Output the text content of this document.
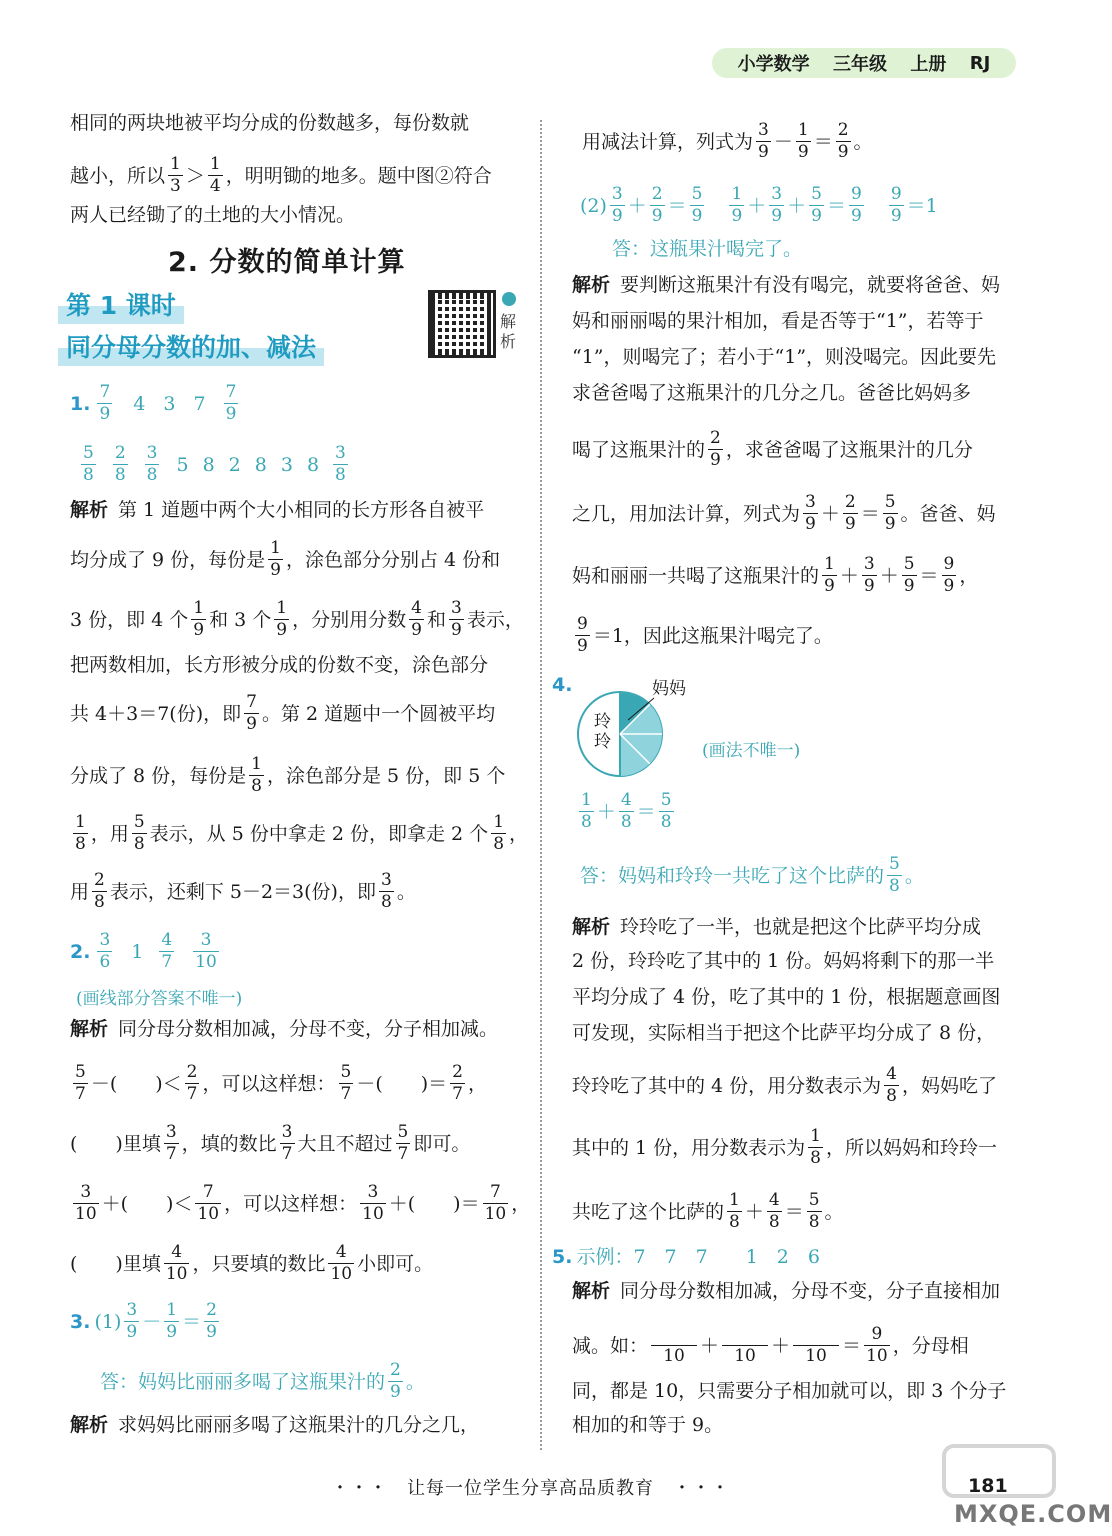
小学数学 三年级 上册 RJ
相同的两块地被平均分成的份数越多，每份数就
越小，所以 $\frac{1}{3} > \frac{1}{4}$ ，明明锄的地多。题中图②符合
两人已经锄了的土地的大小情况。
1. $\frac{7}{9} 4$ 3 $7 \frac{7}{9}$
$\frac{5}{8} \frac{2}{8} \frac{3}{8} 5$ 8 2 8 3 $8 \frac{3}{8}$
解析 第 1 道题中两个大小相同的长方形各自被平
均分成了 9 份，每份是 $\frac{1}{9}$ ，涂色部分分别占 4 份和
3 份，即 4 个 $\frac{1}{9}$ 和 3 个 $\frac{1}{9}$ ，分别用分数 $\frac{4}{9}$ 和 $\frac{3}{9}$ 表示，
把两数相加，长方形被分成的份数不变，涂色部分
共 4＋3＝7(份)，即 $\frac{7}{9}$ 。第 2 道题中一个圆被平均
分成了 8 份，每份是 $\frac{1}{8}$ ，涂色部分是 5 份，即 5 个
$\frac{1}{8}$ ，用 $\frac{5}{8}$ 表示，从 5 份中拿走 2 份，即拿走 2 个 $\frac{1}{8}$ ，
用 $\frac{2}{8}$ 表示，还剩下 5－2＝3(份)，即 $\frac{3}{8}$ 。
2. $\frac{3}{6} 1 \frac{4}{7} \frac{3}{10}$
(画线部分答案不唯一)
解析 同分母分数相加减，分母不变，分子相加减。
$\frac{5}{7}$ －(　　)＜ $\frac{2}{7}$ ，可以这样想： $\frac{5}{7}$ －(　　)＝ $\frac{2}{7}$ ，
(　　)里填 $\frac{3}{7}$ ，填的数比 $\frac{3}{7}$ 大且不超过 $\frac{5}{7}$ 即可。
$\frac{3}{10}$ ＋(　　)＜ $\frac{7}{10}$ ，可以这样想： $\frac{3}{10}$ ＋(　　)＝ $\frac{7}{10}$ ，
(　　)里填 $\frac{4}{10}$ ，只要填的数比 $\frac{4}{10}$ 小即可。
3. $(1) \frac{3}{9} - \frac{1}{9} = \frac{2}{9}$
答：妈妈比丽丽多喝了这瓶果汁的 $\frac{2}{9}$ 。
解析 求妈妈比丽丽多喝了这瓶果汁的几分之几，
2. 分数的简单计算
第 1 课时
同分母分数的加、减法
解析
用减法计算，列式为 $\frac{3}{9} - \frac{1}{9} = \frac{2}{9}$ 。
$(2) \frac{3}{9} + \frac{2}{9} = \frac{5}{9}$
　 $\frac{1}{9} + \frac{3}{9} + \frac{5}{9} = \frac{9}{9}$
　 $\frac{9}{9} =1$
答：这瓶果汁喝完了。
解析 要判断这瓶果汁有没有喝完，就要将爸爸、妈
妈和丽丽喝的果汁相加，看是否等于“1”，若等于
“1”，则喝完了；若小于“1”，则没喝完。因此要先
求爸爸喝了这瓶果汁的几分之几。爸爸比妈妈多
喝了这瓶果汁的 $\frac{2}{9}$ ，求爸爸喝了这瓶果汁的几分
之几，用加法计算，列式为 $\frac{3}{9} + \frac{2}{9} = \frac{5}{9}$ 。爸爸、妈
妈和丽丽一共喝了这瓶果汁的 $\frac{1}{9} + \frac{3}{9} + \frac{5}{9} = \frac{9}{9}$ ，
$\frac{9}{9} =1$，因此这瓶果汁喝完了。
4.
(画法不唯一)
$\frac{1}{8} + \frac{4}{8} = \frac{5}{8}$
答：妈妈和玲玲一共吃了这个比萨的 $\frac{5}{8}$ 。
解析 玲玲吃了一半，也就是把这个比萨平均分成
2 份，玲玲吃了其中的 1 份。妈妈将剩下的那一半
平均分成了 4 份，吃了其中的 1 份，根据题意画图
可发现，实际相当于把这个比萨平均分成了 8 份，
玲玲吃了其中的 4 份，用分数表示为 $\frac{4}{8}$ ，妈妈吃了
其中的 1 份，用分数表示为 $\frac{1}{8}$ ，所以妈妈和玲玲一
共吃了这个比萨的 $\frac{1}{8} + \frac{4}{8} = \frac{5}{8}$ 。
5. 示例：7　7　7　　1　2　6
解析 同分母分数相加减，分母不变，分子直接相加
减。如：
10 ＋
10 ＋
$10 = \frac{9}{10}$ ，分母相
同，都是 10，只需要分子相加就可以，即 3 个分子
相加的和等于 9。
妈妈
玲玲
・・・　让每一位学生分享高品质教育　・・・	181
MXQE.COM
